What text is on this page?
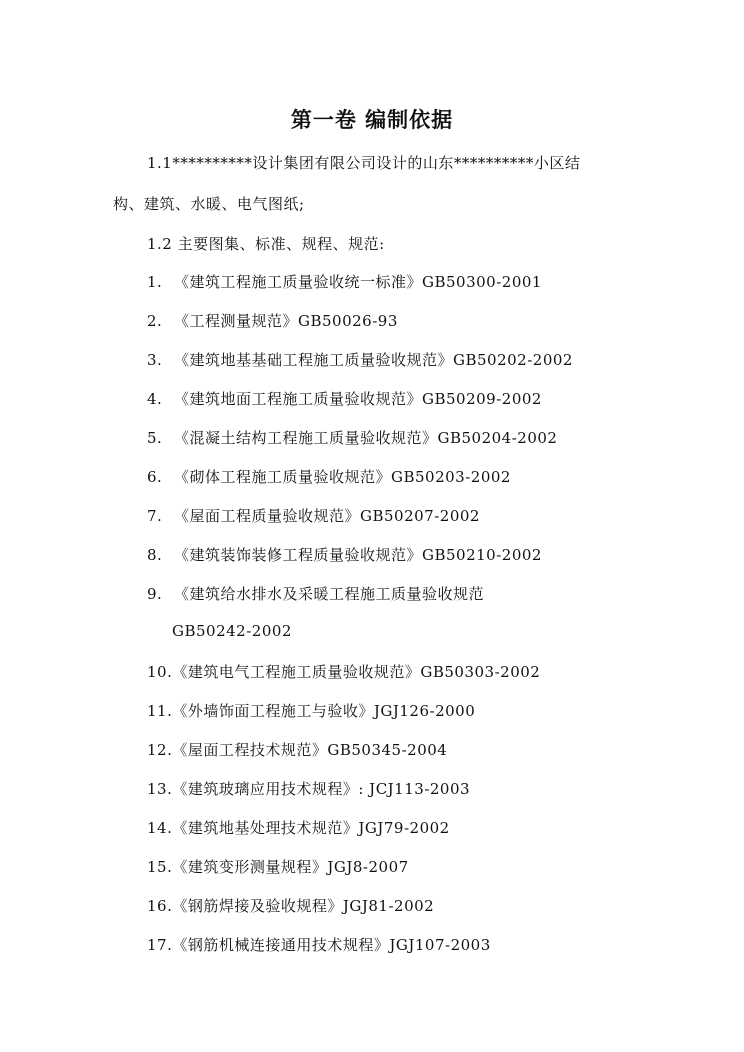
第一卷 编制依据

1.1**********设计集团有限公司设计的山东**********小区结

构、建筑、水暖、电气图纸;

1.2 主要图集、标准、规程、规范:

1. 《建筑工程施工质量验收统一标准》GB50300-2001

2. 《工程测量规范》GB50026-93

3. 《建筑地基基础工程施工质量验收规范》GB50202-2002

4. 《建筑地面工程施工质量验收规范》GB50209-2002

5. 《混凝土结构工程施工质量验收规范》GB50204-2002

6. 《砌体工程施工质量验收规范》GB50203-2002

7. 《屋面工程质量验收规范》GB50207-2002

8. 《建筑装饰装修工程质量验收规范》GB50210-2002

9. 《建筑给水排水及采暖工程施工质量验收规范

GB50242-2002

10.《建筑电气工程施工质量验收规范》GB50303-2002

11.《外墙饰面工程施工与验收》JGJ126-2000

12.《屋面工程技术规范》GB50345-2004

13.《建筑玻璃应用技术规程》: JCJ113-2003

14.《建筑地基处理技术规范》JGJ79-2002

15.《建筑变形测量规程》JGJ8-2007

16.《钢筋焊接及验收规程》JGJ81-2002

17.《钢筋机械连接通用技术规程》JGJ107-2003
